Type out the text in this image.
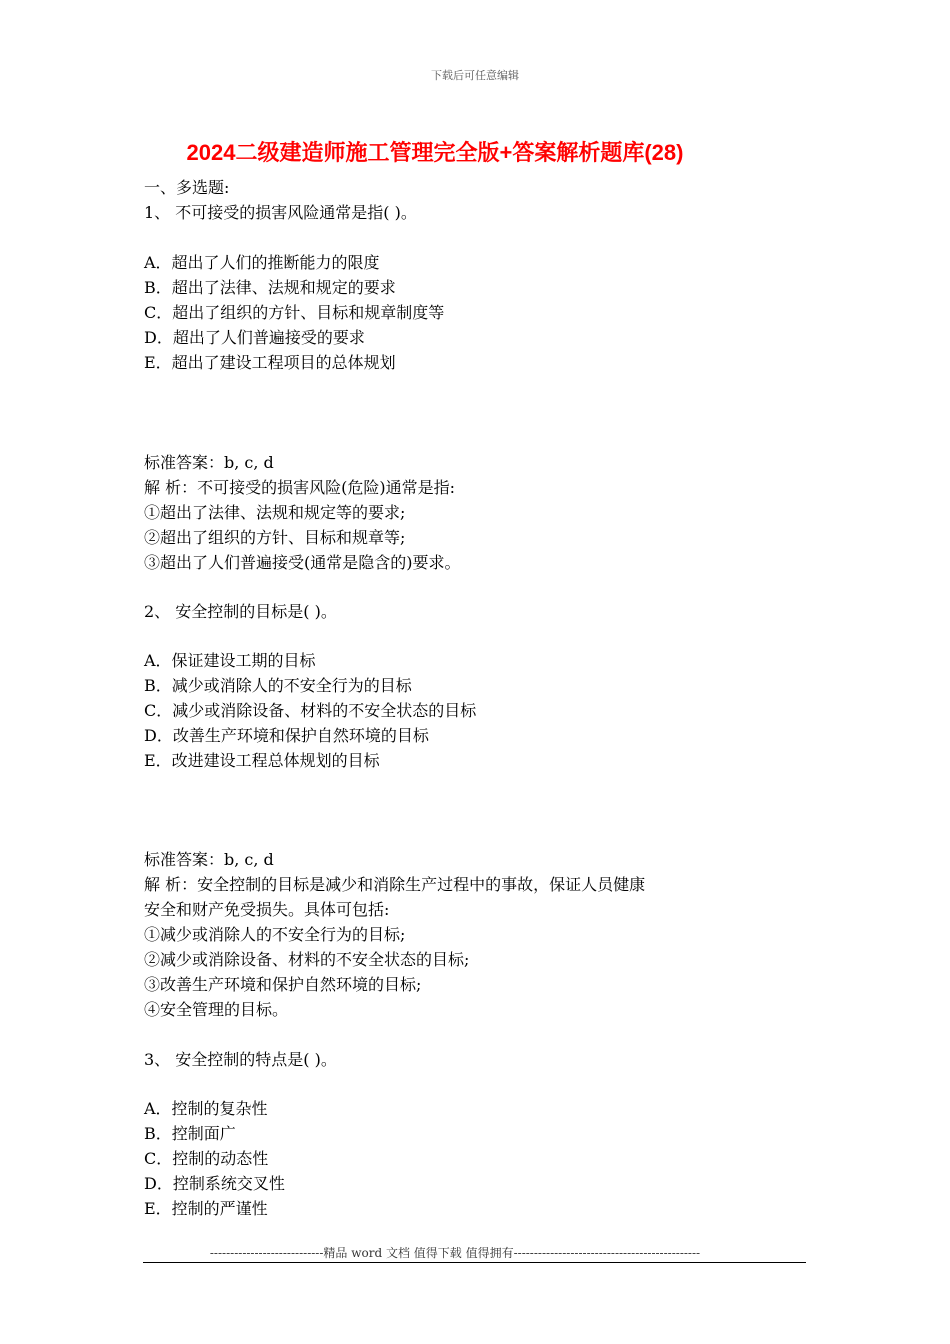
下载后可任意编辑
2024二级建造师施工管理完全版+答案解析题库(28)
一、多选题:
1、 不可接受的损害风险通常是指( )。
A．超出了人们的推断能力的限度
B．超出了法律、法规和规定的要求
C．超出了组织的方针、目标和规章制度等
D．超出了人们普遍接受的要求
E．超出了建设工程项目的总体规划
标准答案：b, c, d
解 析：不可接受的损害风险(危险)通常是指:
①超出了法律、法规和规定等的要求;
②超出了组织的方针、目标和规章等;
③超出了人们普遍接受(通常是隐含的)要求。
2、 安全控制的目标是( )。
A．保证建设工期的目标
B．减少或消除人的不安全行为的目标
C．减少或消除设备、材料的不安全状态的目标
D．改善生产环境和保护自然环境的目标
E．改进建设工程总体规划的目标
标准答案：b, c, d
解 析：安全控制的目标是减少和消除生产过程中的事故，保证人员健康
安全和财产免受损失。具体可包括:
①减少或消除人的不安全行为的目标;
②减少或消除设备、材料的不安全状态的目标;
③改善生产环境和保护自然环境的目标;
④安全管理的目标。
3、 安全控制的特点是( )。
A．控制的复杂性
B．控制面广
C．控制的动态性
D．控制系统交叉性
E．控制的严谨性
----------------------------精品 word 文档 值得下载 值得拥有----------------------------------------------
